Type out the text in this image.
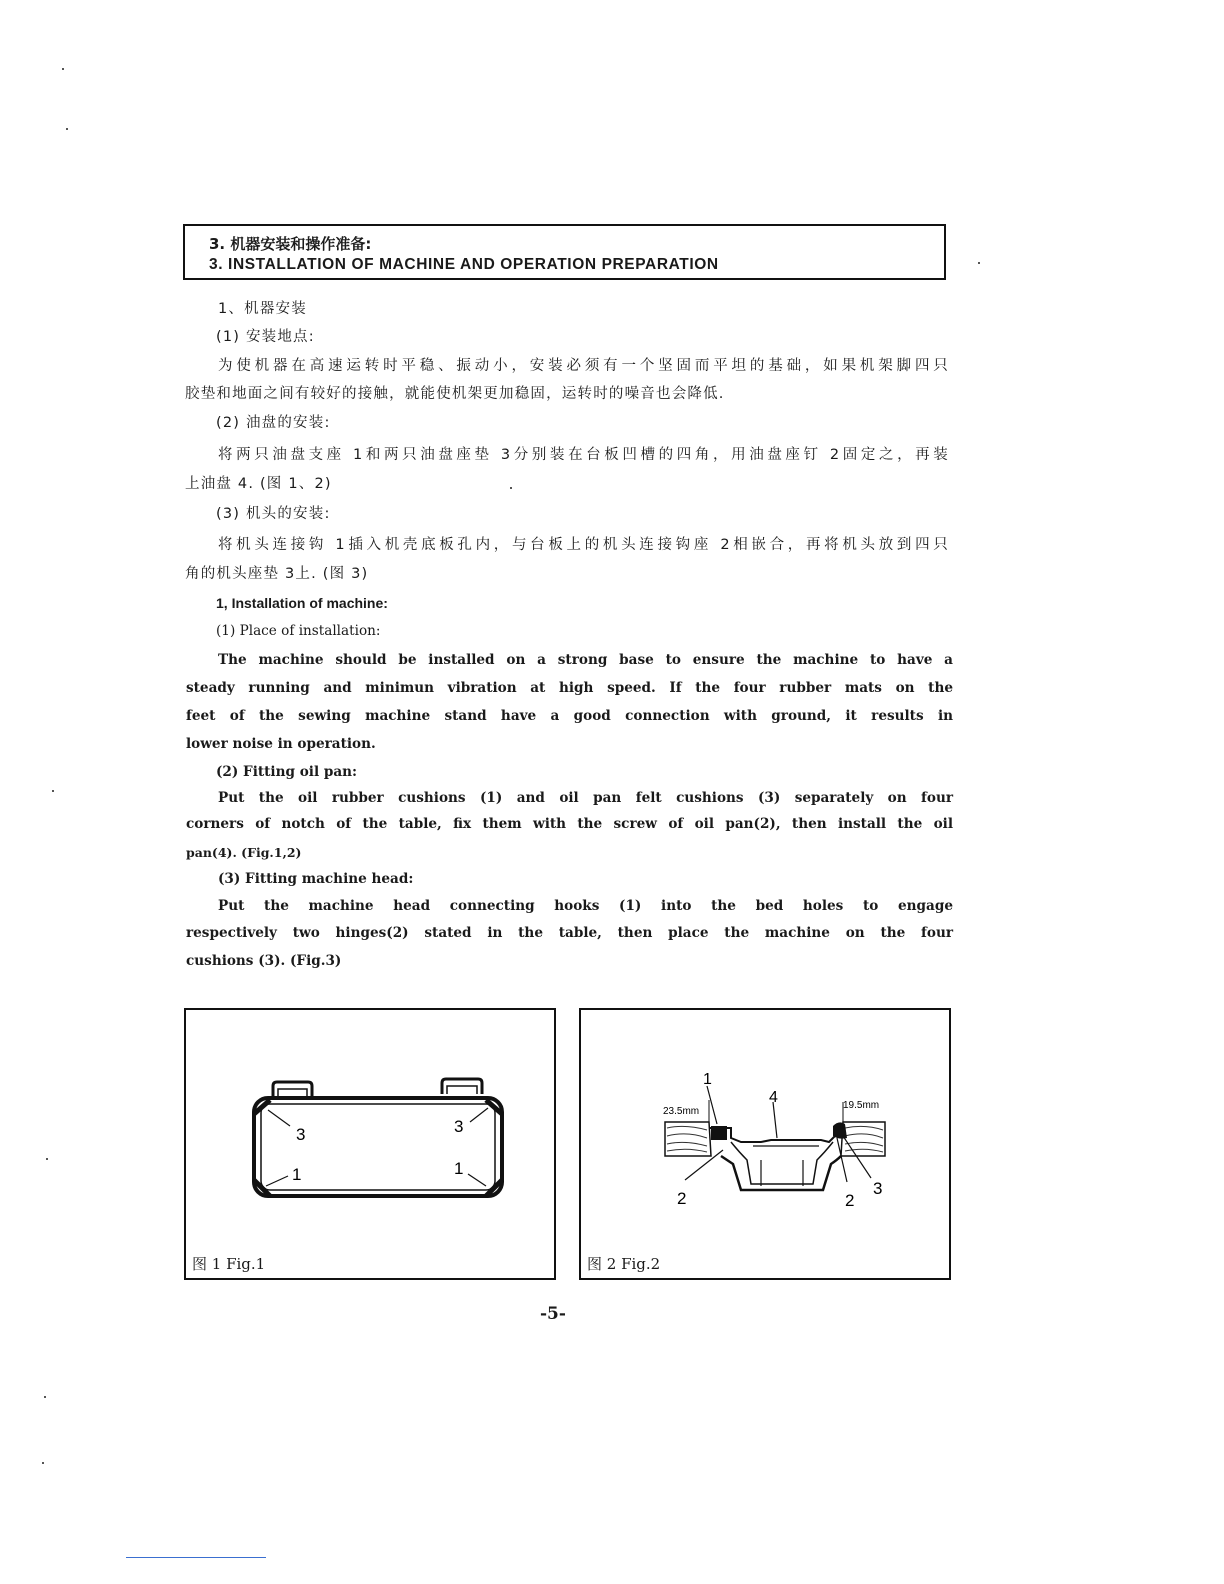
3. 机器安装和操作准备:
3. INSTALLATION OF MACHINE AND OPERATION PREPARATION
1、机器安装
(1) 安装地点:
为使机器在高速运转时平稳、振动小，安装必须有一个坚固而平坦的基础，如果机架脚四只
胶垫和地面之间有较好的接触，就能使机架更加稳固，运转时的噪音也会降低.
(2) 油盘的安装:
将两只油盘支座 1和两只油盘座垫 3分别装在台板凹槽的四角，用油盘座钉 2固定之，再装
上油盘 4. (图 1、2)
(3) 机头的安装:
将机头连接钩 1插入机壳底板孔内，与台板上的机头连接钩座 2相嵌合，再将机头放到四只
角的机头座垫 3上. (图 3)
1, Installation of machine:
(1) Place of installation:
The machine should be installed on a strong base to ensure the machine to have a
steady running and minimun vibration at high speed. If the four rubber mats on the
feet of the sewing machine stand have a good connection with ground, it results in
lower noise in operation.
(2) Fitting oil pan:
Put the oil rubber cushions (1) and oil pan felt cushions (3) separately on four
corners of notch of the table, fix them with the screw of oil pan(2), then install the oil
pan(4). (Fig.1,2)
(3) Fitting machine head:
Put the machine head connecting hooks (1) into the bed holes to engage
respectively two hinges(2) stated in the table, then place the machine on the four
cushions (3). (Fig.3)
3	3
1	1
图 1 Fig.1
1
4
23.5mm
19.5mm
2	2
3
图 2 Fig.2
-5-
